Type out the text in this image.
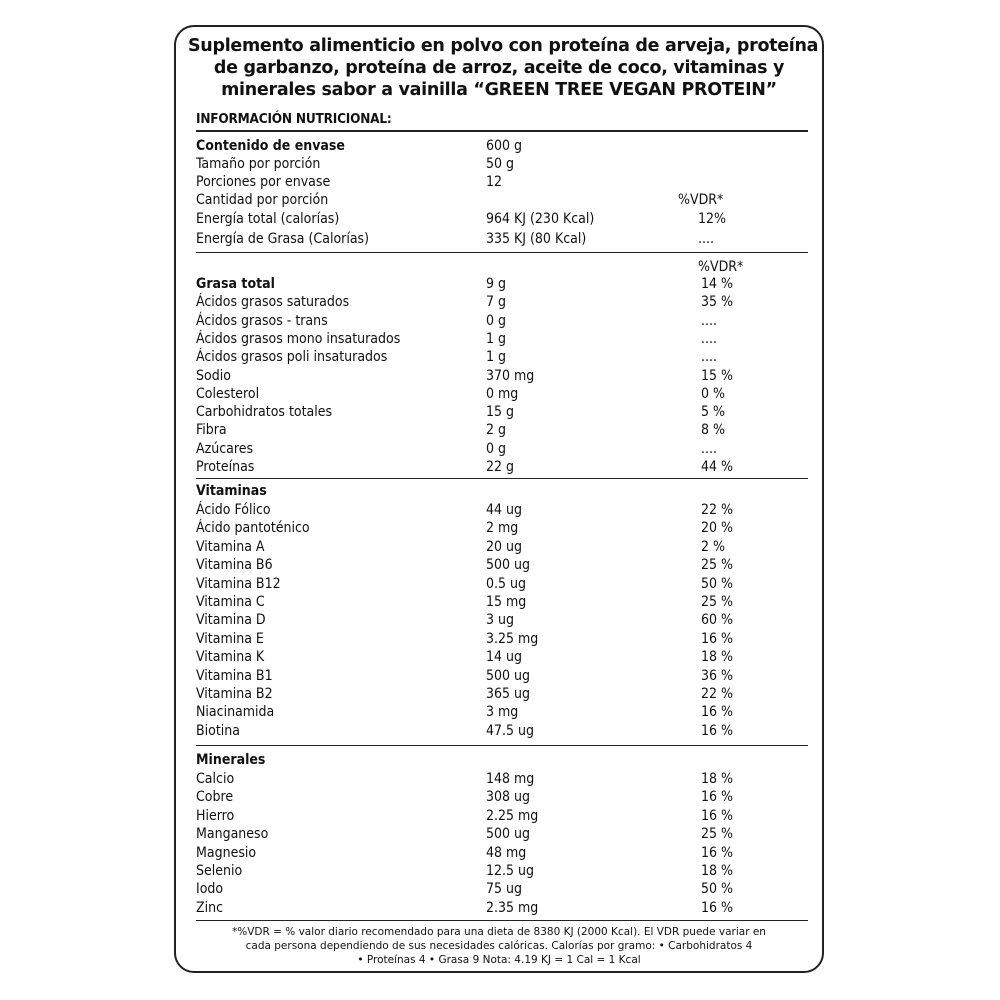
Suplemento alimenticio en polvo con proteína de arveja, proteína
de garbanzo, proteína de arroz, aceite de coco, vitaminas y
minerales sabor a vainilla “GREEN TREE VEGAN PROTEIN”
INFORMACIÓN NUTRICIONAL:
Contenido de envase	600 g
Tamaño por porción	50 g
Porciones por envase	12
Cantidad por porción
Energía total (calorías)	964 KJ (230 Kcal)	12%
Energía de Grasa (Calorías)	335 KJ (80 Kcal)	....
%VDR*
%VDR*
Grasa total	9 g	14 %
Ácidos grasos saturados	7 g	35 %
Ácidos grasos - trans	0 g	....
Ácidos grasos mono insaturados	1 g	....
Ácidos grasos poli insaturados	1 g	....
Sodio	370 mg	15 %
Colesterol	0 mg	0 %
Carbohidratos totales	15 g	5 %
Fibra	2 g	8 %
Azúcares	0 g	....
Proteínas	22 g	44 %
Vitaminas
Ácido Fólico	44 ug	22 %
Ácido pantoténico	2 mg	20 %
Vitamina A	20 ug	2 %
Vitamina B6	500 ug	25 %
Vitamina B12	0.5 ug	50 %
Vitamina C	15 mg	25 %
Vitamina D	3 ug	60 %
Vitamina E	3.25 mg	16 %
Vitamina K	14 ug	18 %
Vitamina B1	500 ug	36 %
Vitamina B2	365 ug	22 %
Niacinamida	3 mg	16 %
Biotina	47.5 ug	16 %
Minerales
Calcio	148 mg	18 %
Cobre	308 ug	16 %
Hierro	2.25 mg	16 %
Manganeso	500 ug	25 %
Magnesio	48 mg	16 %
Selenio	12.5 ug	18 %
Iodo	75 ug	50 %
Zinc	2.35 mg	16 %
*%VDR = % valor diario recomendado para una dieta de 8380 KJ (2000 Kcal). El VDR puede variar en
cada persona dependiendo de sus necesidades calóricas. Calorías por gramo: • Carbohidratos 4
• Proteínas 4 • Grasa 9 Nota: 4.19 KJ = 1 Cal = 1 Kcal
